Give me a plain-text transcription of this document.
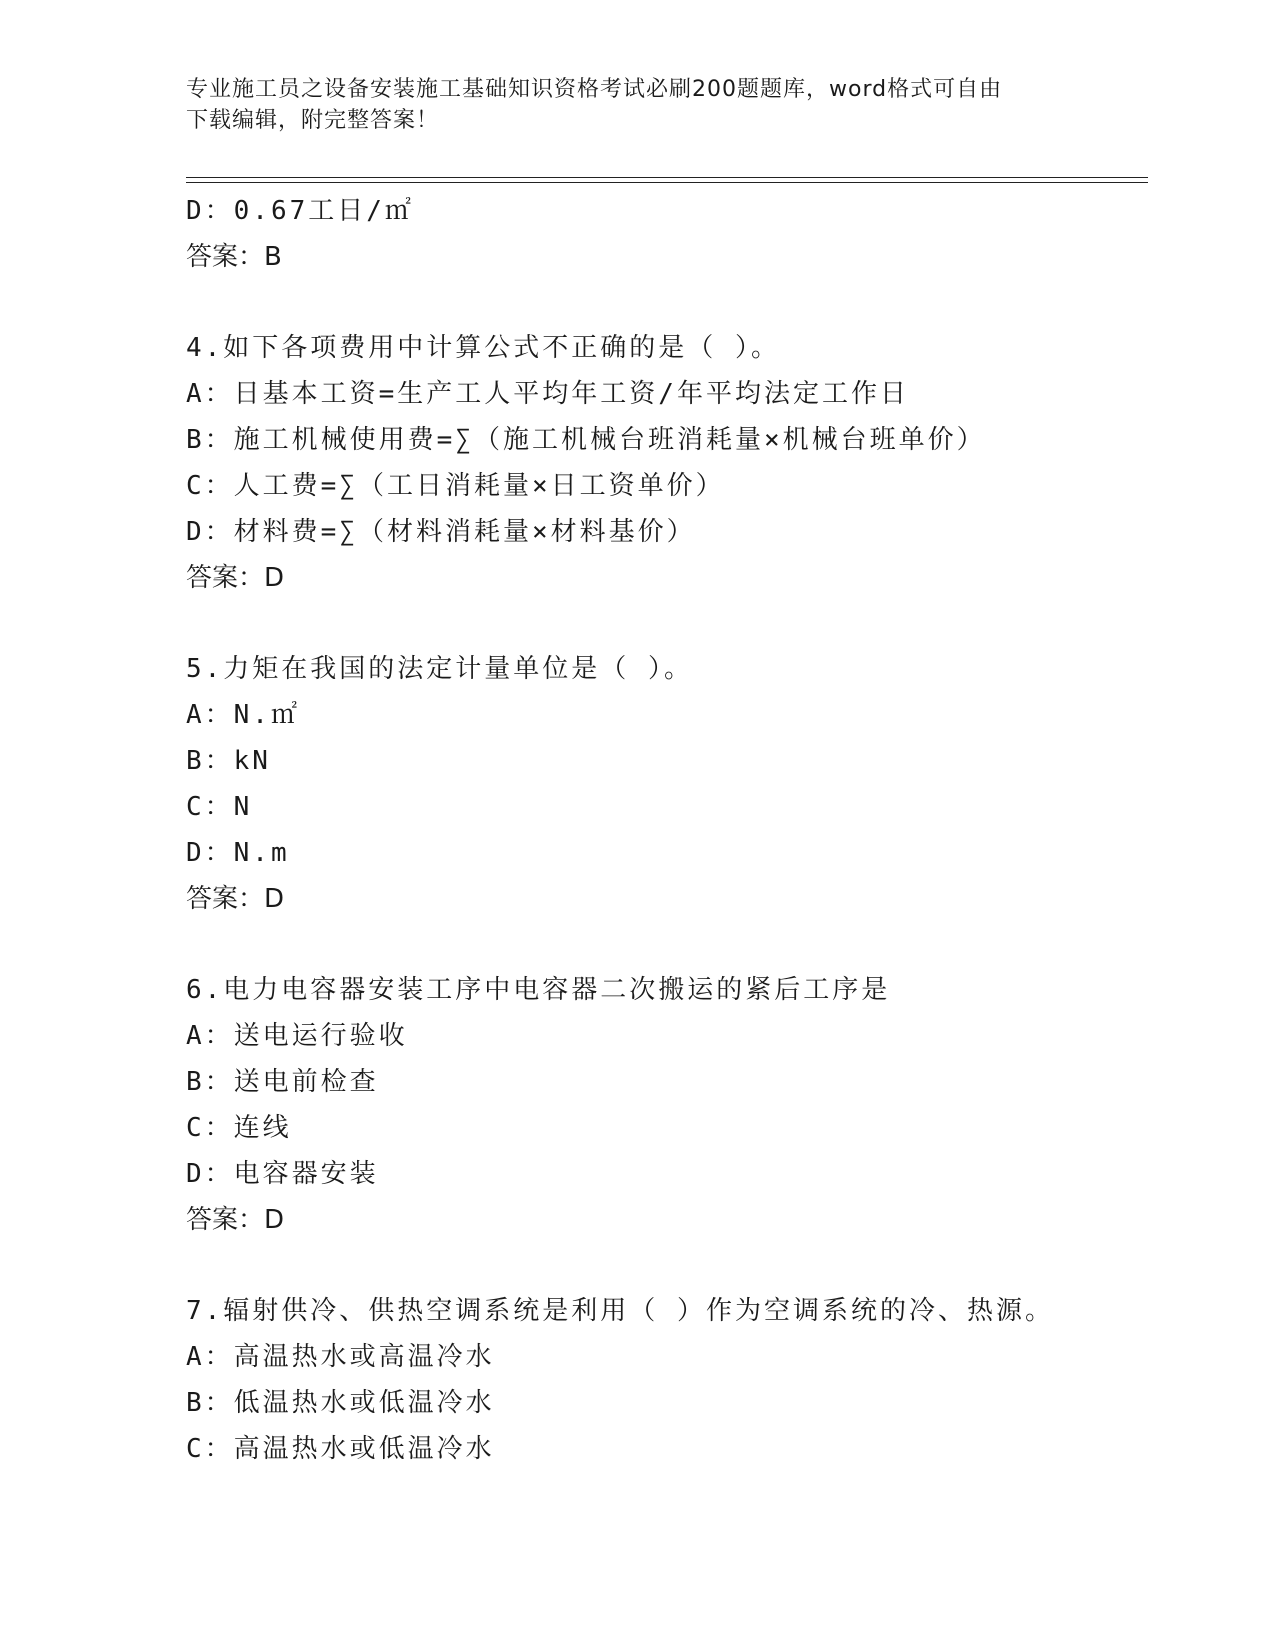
专业施工员之设备安装施工基础知识资格考试必刷200题题库，word格式可自由
下载编辑，附完整答案！
D：0.67工日/㎡
答案：B
4.如下各项费用中计算公式不正确的是（ ）。
A：日基本工资=生产工人平均年工资/年平均法定工作日
B：施工机械使用费=∑（施工机械台班消耗量×机械台班单价）
C：人工费=∑（工日消耗量×日工资单价）
D：材料费=∑（材料消耗量×材料基价）
答案：D
5.力矩在我国的法定计量单位是（ ）。
A：N.㎡
B：kN
C：N
D：N.m
答案：D
6.电力电容器安装工序中电容器二次搬运的紧后工序是
A：送电运行验收
B：送电前检查
C：连线
D：电容器安装
答案：D
7.辐射供冷、供热空调系统是利用（ ）作为空调系统的冷、热源。
A：高温热水或高温冷水
B：低温热水或低温冷水
C：高温热水或低温冷水
